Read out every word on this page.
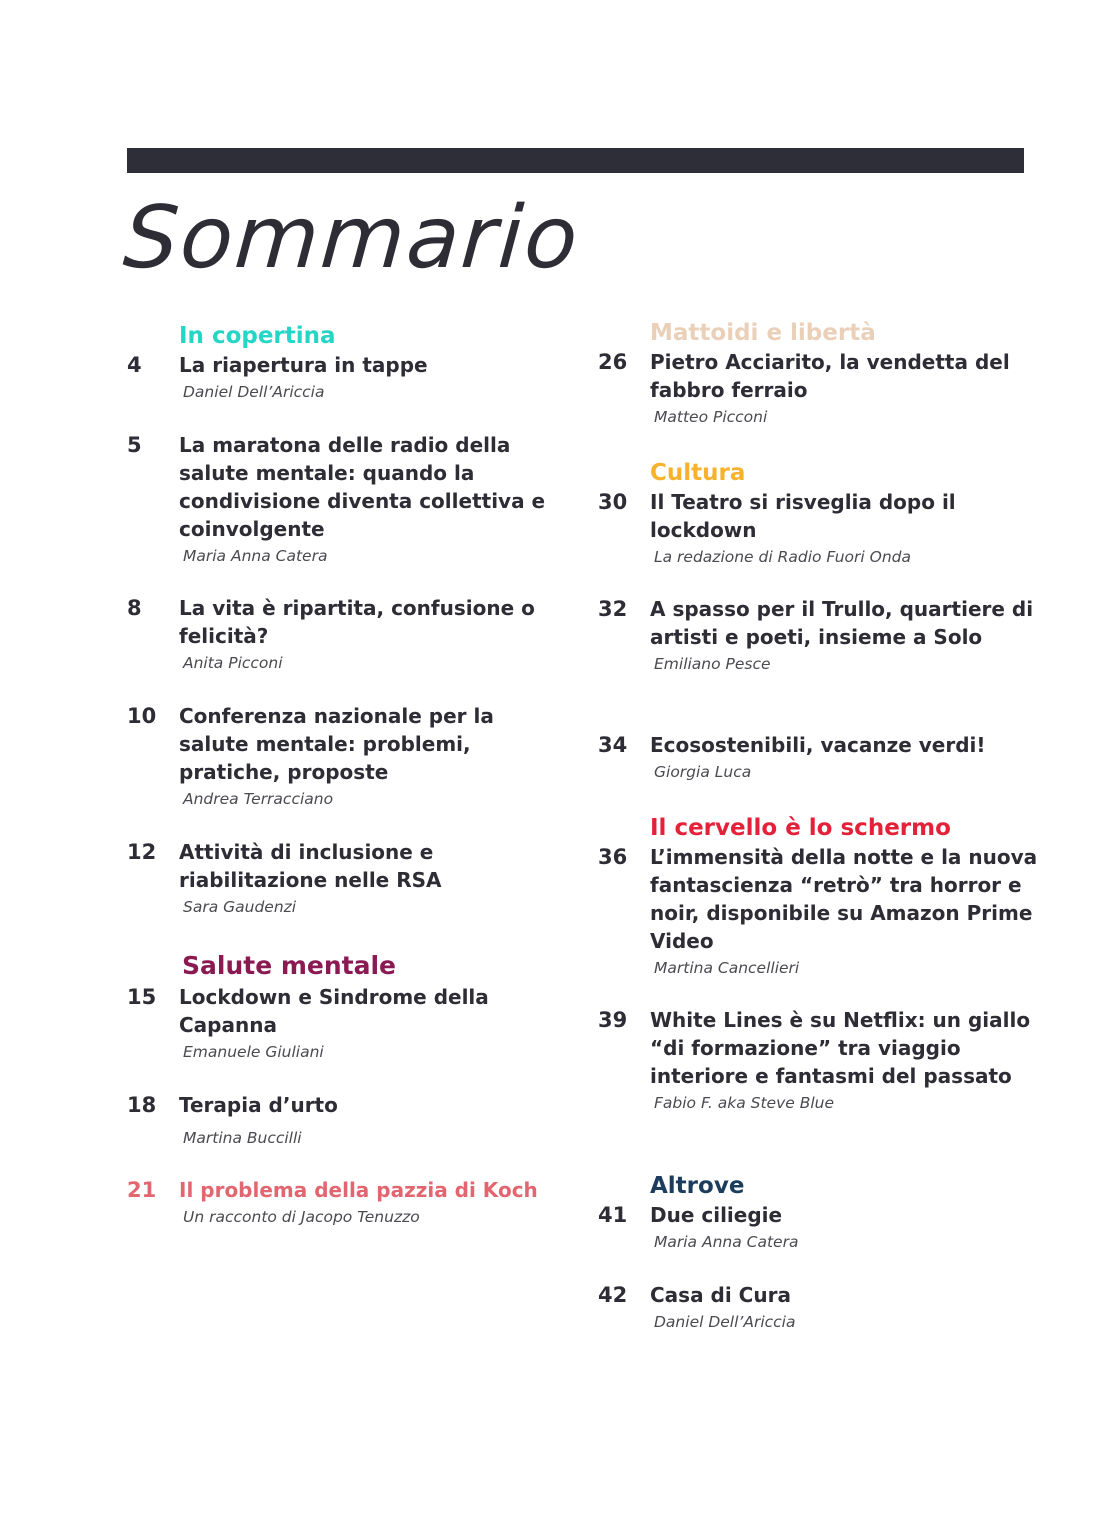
Sommario
In copertina
4	La riapertura in tappe
Daniel Dell’Ariccia
5	La maratona delle radio della salute mentale: quando la condivisione diventa collettiva e coinvolgente
Maria Anna Catera
8	La vita è ripartita, confusione o felicità?
Anita Picconi
10	Conferenza nazionale per la salute mentale: problemi, pratiche, proposte
Andrea Terracciano
12	Attività di inclusione e riabilitazione nelle RSA
Sara Gaudenzi
Salute mentale
15	Lockdown e Sindrome della Capanna
Emanuele Giuliani
18	Terapia d’urto
Martina Buccilli
21	Il problema della pazzia di Koch
Un racconto di Jacopo Tenuzzo
Mattoidi e libertà
26	Pietro Acciarito, la vendetta del fabbro ferraio
Matteo Picconi
Cultura
30	Il Teatro si risveglia dopo il lockdown
La redazione di Radio Fuori Onda
32	A spasso per il Trullo, quartiere di artisti e poeti, insieme a Solo
Emiliano Pesce
34	Ecosostenibili, vacanze verdi!
Giorgia Luca
Il cervello è lo schermo
36	L’immensità della notte e la nuova fantascienza “retrò” tra horror e noir, disponibile su Amazon Prime Video
Martina Cancellieri
39	White Lines è su Netflix: un giallo “di formazione” tra viaggio interiore e fantasmi del passato
Fabio F. aka Steve Blue
Altrove
41	Due ciliegie
Maria Anna Catera
42	Casa di Cura
Daniel Dell’Ariccia
